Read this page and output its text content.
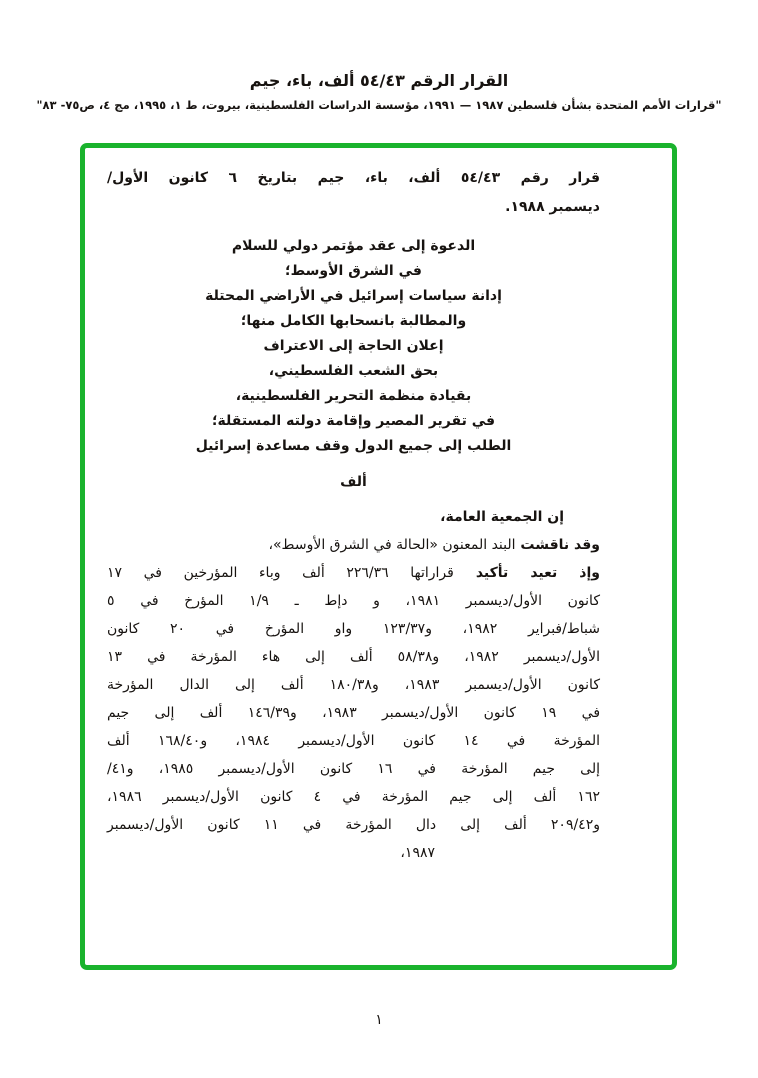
القرار الرقم ٥٤/٤٣ ألف، باء، جيم
"قرارات الأمم المتحدة بشأن فلسطين ١٩٨٧ — ١٩٩١، مؤسسة الدراسات الفلسطينية، بيروت، ط ١، ١٩٩٥، مج ٤، ص٧٥- ٨٣"
قرار رقم ٥٤/٤٣ ألف، باء، جيم بتاريخ ٦ كانون الأول/
ديسمبر ١٩٨٨.
الدعوة إلى عقد مؤتمر دولي للسلام
في الشرق الأوسط؛
إدانة سياسات إسرائيل في الأراضي المحتلة
والمطالبة بانسحابها الكامل منها؛
إعلان الحاجة إلى الاعتراف
بحق الشعب الفلسطيني،
بقيادة منظمة التحرير الفلسطينية،
في تقرير المصير وإقامة دولته المستقلة؛
الطلب إلى جميع الدول وقف مساعدة إسرائيل
ألف
إن الجمعية العامة،
وقد ناقشت البند المعنون «الحالة في الشرق الأوسط»،
وإذ تعيد تأكيد قراراتها ٢٢٦/٣٦ ألف وباء المؤرخين في ١٧
كانون الأول/ديسمبر ١٩٨١، و دإط ـ ١/٩ المؤرخ في ٥
شباط/فبراير ١٩٨٢، و١٢٣/٣٧ واو المؤرخ في ٢٠ كانون
الأول/ديسمبر ١٩٨٢، و٥٨/٣٨ ألف إلى هاء المؤرخة في ١٣
كانون الأول/ديسمبر ١٩٨٣، و١٨٠/٣٨ ألف إلى الدال المؤرخة
في ١٩ كانون الأول/ديسمبر ١٩٨٣، و١٤٦/٣٩ ألف إلى جيم
المؤرخة في ١٤ كانون الأول/ديسمبر ١٩٨٤، و١٦٨/٤٠ ألف
إلى جيم المؤرخة في ١٦ كانون الأول/ديسمبر ١٩٨٥، و٤١/
١٦٢ ألف إلى جيم المؤرخة في ٤ كانون الأول/ديسمبر ١٩٨٦،
و٢٠٩/٤٢ ألف إلى دال المؤرخة في ١١ كانون الأول/ديسمبر
١٩٨٧،
١
